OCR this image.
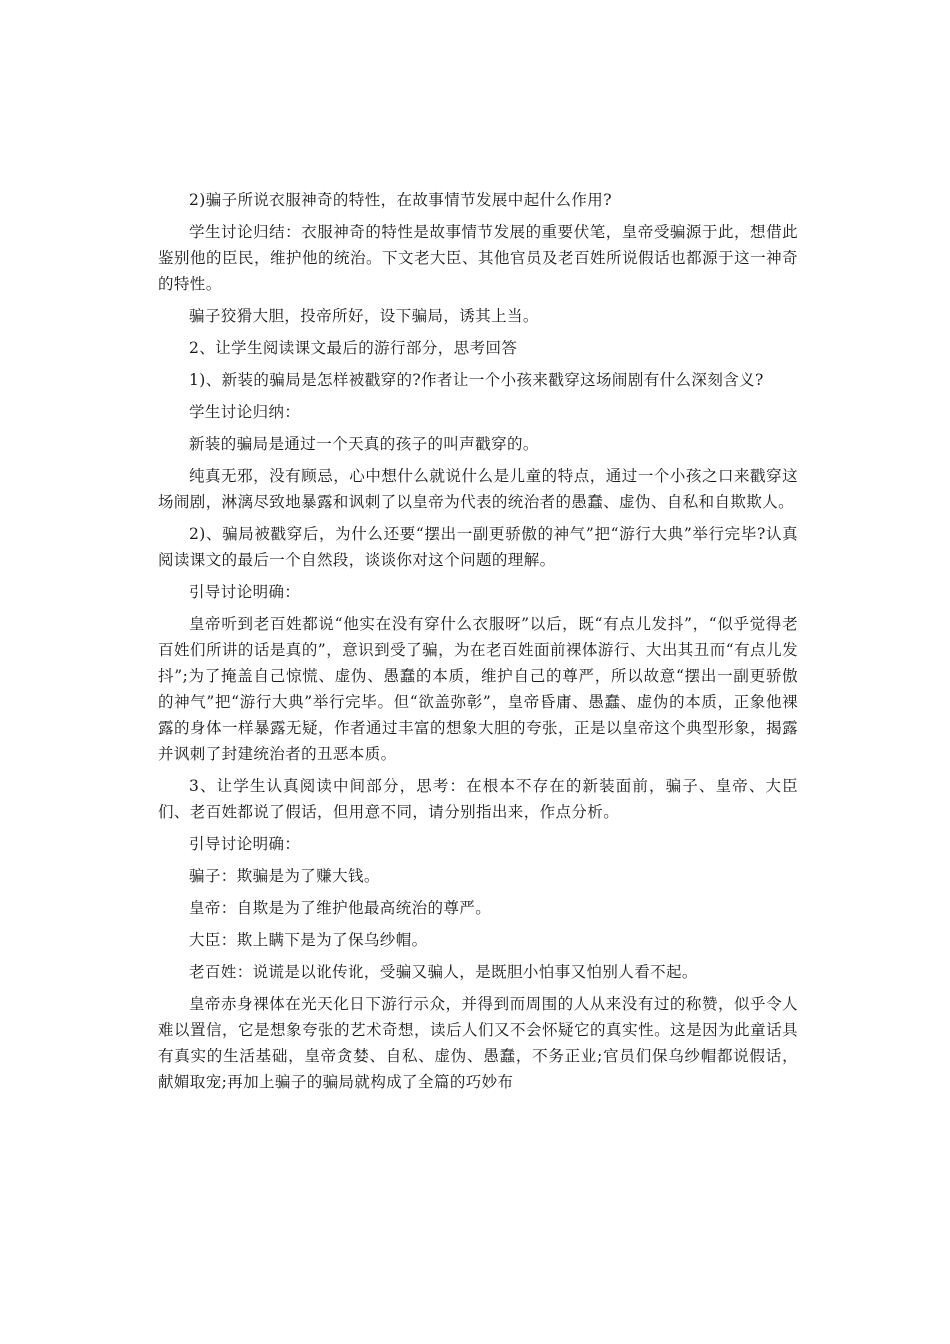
2)骗子所说衣服神奇的特性，在故事情节发展中起什么作用?

学生讨论归结：衣服神奇的特性是故事情节发展的重要伏笔，皇帝受骗源于此，想借此鉴别他的臣民，维护他的统治。下文老大臣、其他官员及老百姓所说假话也都源于这一神奇的特性。

骗子狡猾大胆，投帝所好，设下骗局，诱其上当。

2、让学生阅读课文最后的游行部分，思考回答

1)、新装的骗局是怎样被戳穿的?作者让一个小孩来戳穿这场闹剧有什么深刻含义?

学生讨论归纳：

新装的骗局是通过一个天真的孩子的叫声戳穿的。

纯真无邪，没有顾忌，心中想什么就说什么是儿童的特点，通过一个小孩之口来戳穿这场闹剧，淋漓尽致地暴露和讽刺了以皇帝为代表的统治者的愚蠢、虚伪、自私和自欺欺人。

2)、骗局被戳穿后，为什么还要“摆出一副更骄傲的神气”把“游行大典”举行完毕?认真阅读课文的最后一个自然段，谈谈你对这个问题的理解。

引导讨论明确：

皇帝听到老百姓都说“他实在没有穿什么衣服呀”以后，既“有点儿发抖”，“似乎觉得老百姓们所讲的话是真的”，意识到受了骗，为在老百姓面前裸体游行、大出其丑而“有点儿发抖”;为了掩盖自己惊慌、虚伪、愚蠢的本质，维护自己的尊严，所以故意“摆出一副更骄傲的神气”把“游行大典”举行完毕。但“欲盖弥彰”，皇帝昏庸、愚蠢、虚伪的本质，正象他裸露的身体一样暴露无疑，作者通过丰富的想象大胆的夸张，正是以皇帝这个典型形象，揭露并讽刺了封建统治者的丑恶本质。

3、让学生认真阅读中间部分，思考：在根本不存在的新装面前，骗子、皇帝、大臣们、老百姓都说了假话，但用意不同，请分别指出来，作点分析。

引导讨论明确：

骗子：欺骗是为了赚大钱。

皇帝：自欺是为了维护他最高统治的尊严。

大臣：欺上瞒下是为了保乌纱帽。

老百姓：说谎是以讹传讹，受骗又骗人，是既胆小怕事又怕别人看不起。

皇帝赤身裸体在光天化日下游行示众，并得到而周围的人从来没有过的称赞，似乎令人难以置信，它是想象夸张的艺术奇想，读后人们又不会怀疑它的真实性。这是因为此童话具有真实的生活基础，皇帝贪婪、自私、虚伪、愚蠢，不务正业;官员们保乌纱帽都说假话，献媚取宠;再加上骗子的骗局就构成了全篇的巧妙布
